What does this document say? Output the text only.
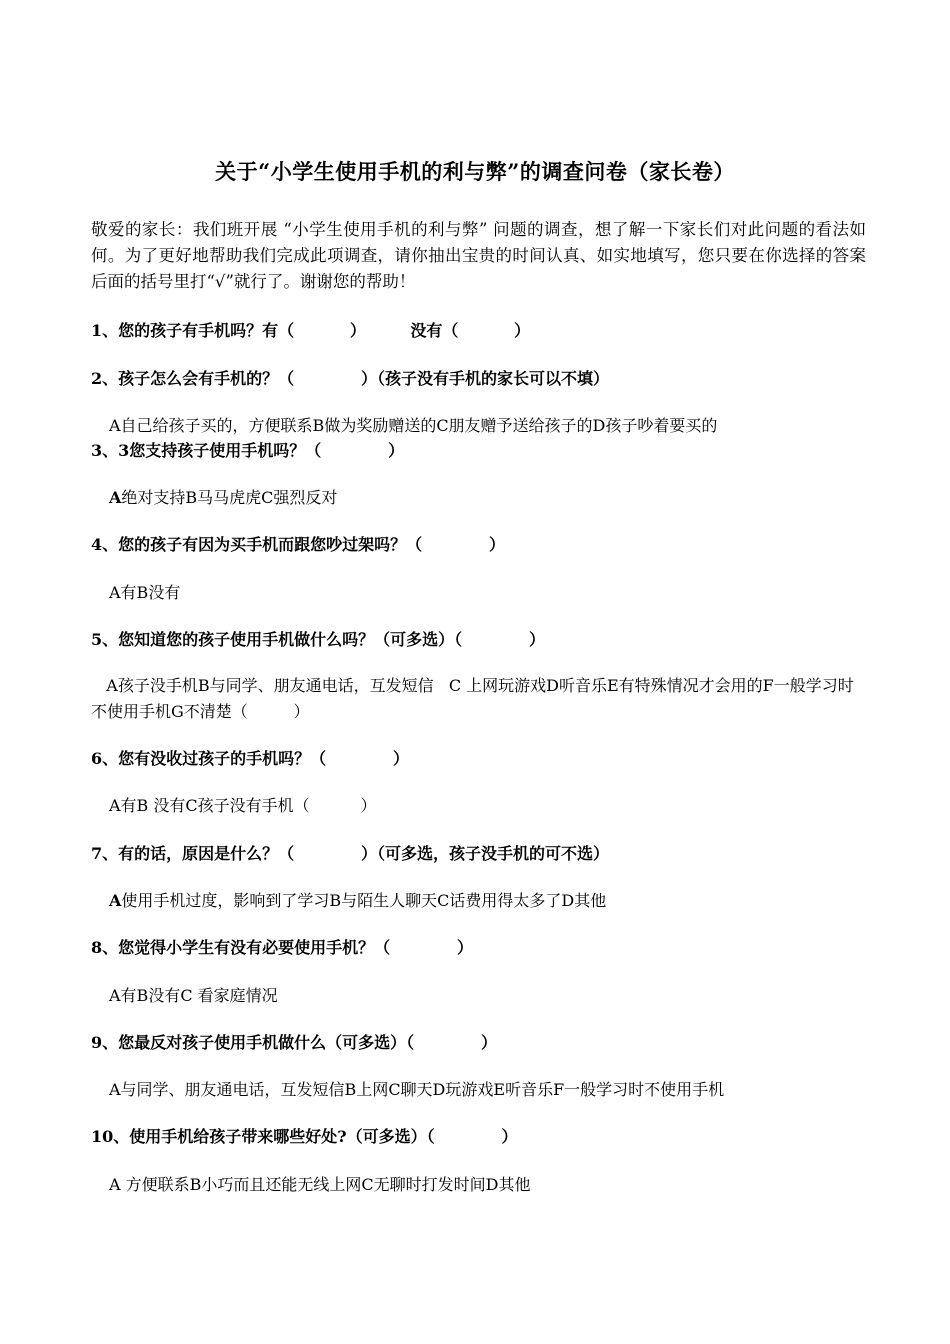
关于“小学生使用手机的利与弊”的调查问卷（家长卷）
敬爱的家长：我们班开展 “小学生使用手机的利与弊” 问题的调查，想了解一下家长们对此问题的看法如何。为了更好地帮助我们完成此项调查，请你抽出宝贵的时间认真、如实地填写，您只要在你选择的答案后面的括号里打“√”就行了。谢谢您的帮助！
1、您的孩子有手机吗？有（          ）        没有（          ）
2、孩子怎么会有手机的？（            ）（孩子没有手机的家长可以不填）
A自己给孩子买的，方便联系B做为奖励赠送的C朋友赠予送给孩子的D孩子吵着要买的
3、3您支持孩子使用手机吗？（            ）
A绝对支持B马马虎虎C强烈反对
4、您的孩子有因为买手机而跟您吵过架吗？（            ）
A有B没有
5、您知道您的孩子使用手机做什么吗？（可多选）（            ）
A孩子没手机B与同学、朋友通电话，互发短信   C 上网玩游戏D听音乐E有特殊情况才会用的F一般学习时不使用手机G不清楚（         ）
6、您有没收过孩子的手机吗？（            ）
A有B 没有C孩子没有手机（          ）
7、有的话，原因是什么？（            ）（可多选，孩子没手机的可不选）
A使用手机过度，影响到了学习B与陌生人聊天C话费用得太多了D其他
8、您觉得小学生有没有必要使用手机？（            ）
A有B没有C 看家庭情况
9、您最反对孩子使用手机做什么（可多选）（            ）
A与同学、朋友通电话，互发短信B上网C聊天D玩游戏E听音乐F一般学习时不使用手机
10、使用手机给孩子带来哪些好处?（可多选）（            ）
A 方便联系B小巧而且还能无线上网C无聊时打发时间D其他
